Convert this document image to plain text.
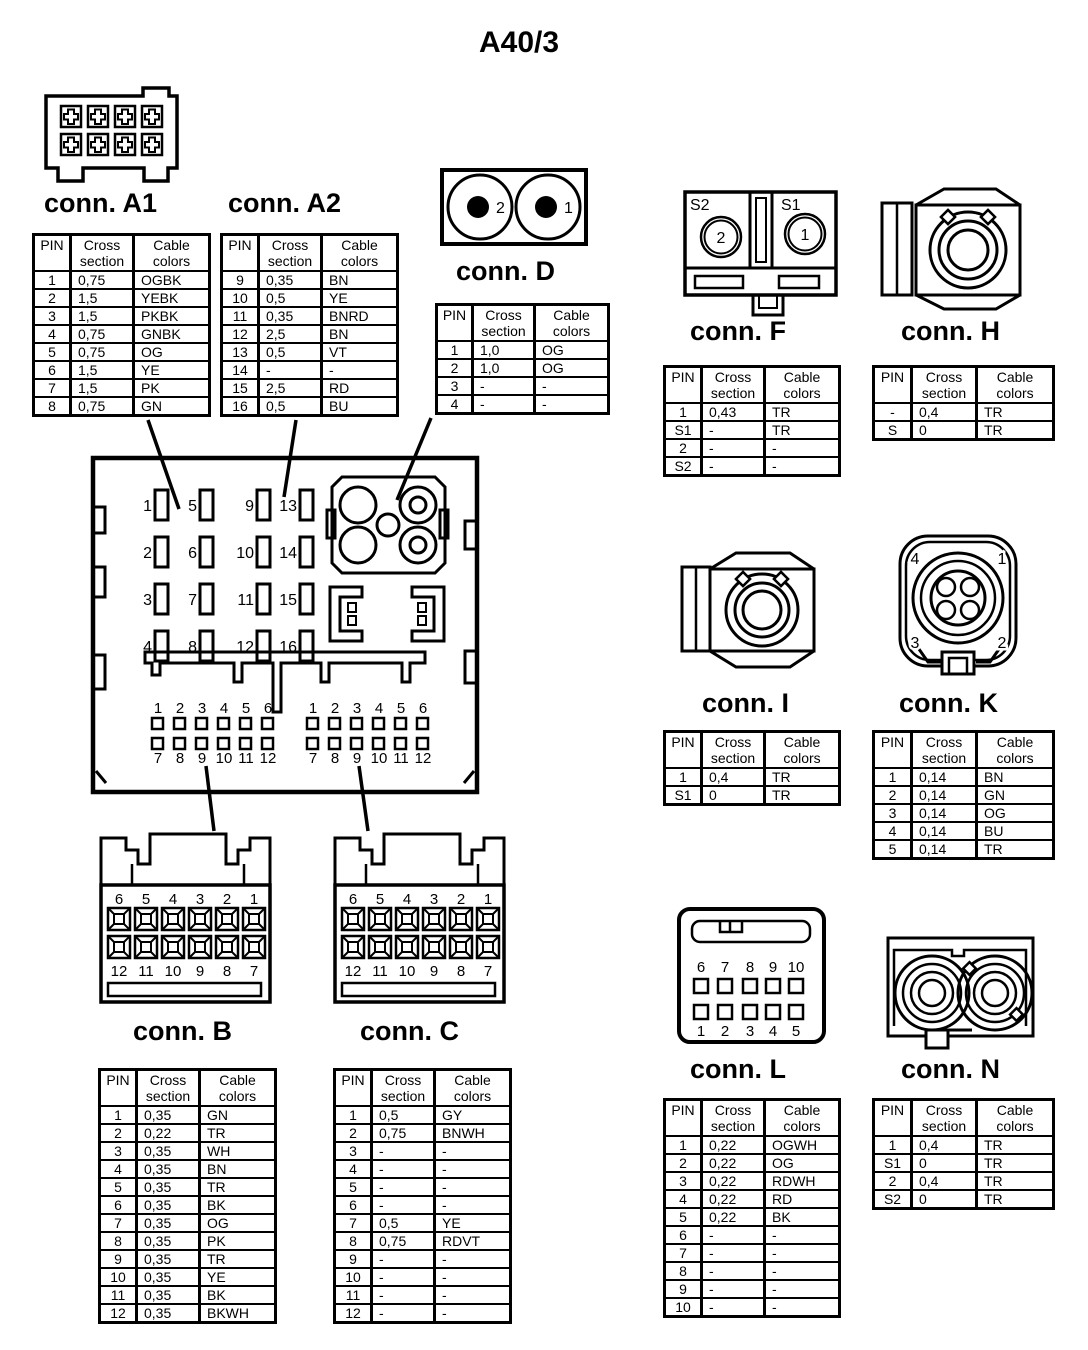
A40/3
conn. A1	conn. A2
conn. D
conn. F	conn. H
conn. I	conn. K
conn. B	conn. C
conn. L	conn. N
PIN	Cross section	Cable colors
1	0,75	OGBK
2	1,5	YEBK
3	1,5	PKBK
4	0,75	GNBK
5	0,75	OG
6	1,5	YE
7	1,5	PK
8	0,75	GN
PIN	Cross section	Cable colors
9	0,35	BN
10	0,5	YE
11	0,35	BNRD
12	2,5	BN
13	0,5	VT
14	-	-
15	2,5	RD
16	0,5	BU
PIN	Cross section	Cable colors
1	1,0	OG
2	1,0	OG
3	-	-
4	-	-
PIN	Cross section	Cable colors
1	0,43	TR
S1	-	TR
2	-	-
S2	-	-
PIN	Cross section	Cable colors
-	0,4	TR
S	0	TR
PIN	Cross section	Cable colors
1	0,4	TR
S1	0	TR
PIN	Cross section	Cable colors
1	0,14	BN
2	0,14	GN
3	0,14	OG
4	0,14	BU
5	0,14	TR
PIN	Cross section	Cable colors
1	0,35	GN
2	0,22	TR
3	0,35	WH
4	0,35	BN
5	0,35	TR
6	0,35	BK
7	0,35	OG
8	0,35	PK
9	0,35	TR
10	0,35	YE
11	0,35	BK
12	0,35	BKWH
PIN	Cross section	Cable colors
1	0,5	GY
2	0,75	BNWH
3	-	-
4	-	-
5	-	-
6	-	-
7	0,5	YE
8	0,75	RDVT
9	-	-
10	-	-
11	-	-
12	-	-
PIN	Cross section	Cable colors
1	0,22	OGWH
2	0,22	OG
3	0,22	RDWH
4	0,22	RD
5	0,22	BK
6	-	-
7	-	-
8	-	-
9	-	-
10	-	-
PIN	Cross section	Cable colors
1	0,4	TR
S1	0	TR
2	0,4	TR
S2	0	TR
2	1	S2	S1
2	1
1
2
3
4
5
6
7
8
9
10
11
12
13
14
15
16
1 2 3 4 5 6
7 8 9 10 11 12
1 2 3 4 5 6
7 8 9 10 11 12
4	1
3	2
6 5 4 3 2 1
12 11 10 9 8 7
6 5 4 3 2 1
12 11 10 9 8 7	6 7 8 9 10
1 2 3 4 5
